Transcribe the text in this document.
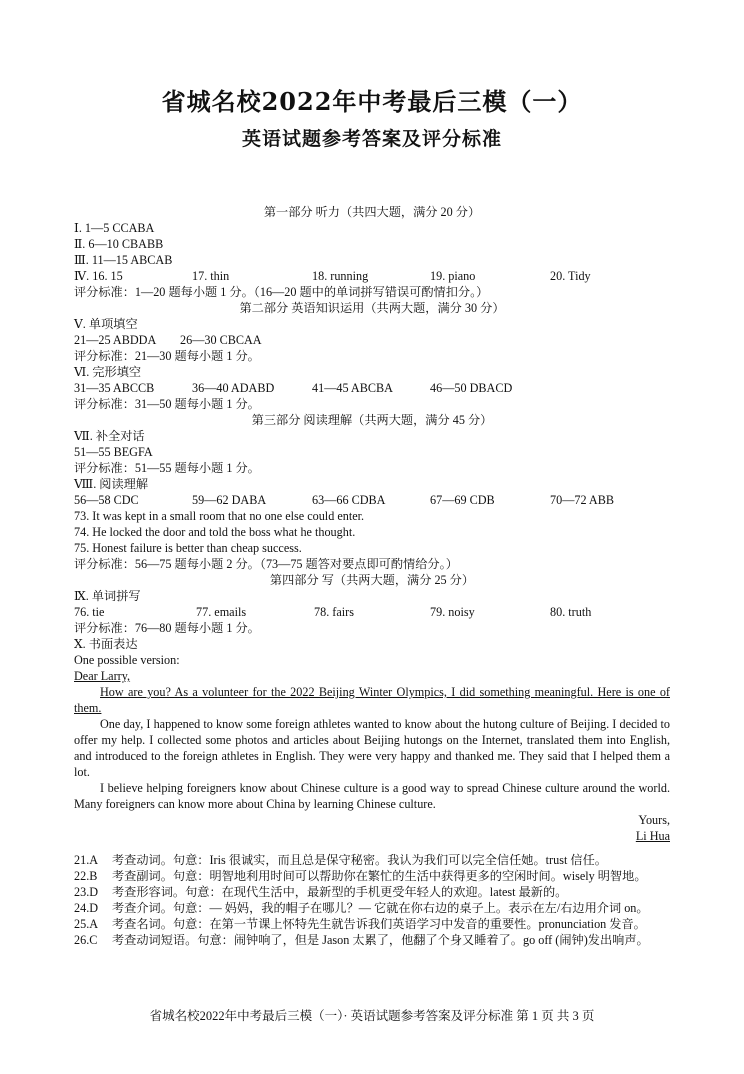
省城名校2022年中考最后三模（一）
英语试题参考答案及评分标准
第一部分 听力（共四大题，满分 20 分）
Ⅰ. 1—5 CCABA
Ⅱ. 6—10 CBABB
Ⅲ. 11—15 ABCAB
Ⅳ. 16. 15	17. thin	18. running	19. piano	20. Tidy
评分标准：1—20 题每小题 1 分。（16—20 题中的单词拼写错误可酌情扣分。）
第二部分 英语知识运用（共两大题，满分 30 分）
Ⅴ. 单项填空
21—25 ABDDA 26—30 CBCAA
评分标准：21—30 题每小题 1 分。
Ⅵ. 完形填空
31—35 ABCCB	36—40 ADABD	41—45 ABCBA	46—50 DBACD
评分标准：31—50 题每小题 1 分。
第三部分 阅读理解（共两大题，满分 45 分）
Ⅶ. 补全对话
51—55 BEGFA
评分标准：51—55 题每小题 1 分。
Ⅷ. 阅读理解
56—58 CDC	59—62 DABA	63—66 CDBA	67—69 CDB	70—72 ABB
73. It was kept in a small room that no one else could enter.
74. He locked the door and told the boss what he thought.
75. Honest failure is better than cheap success.
评分标准：56—75 题每小题 2 分。（73—75 题答对要点即可酌情给分。）
第四部分 写（共两大题，满分 25 分）
Ⅸ. 单词拼写
76. tie	77. emails	78. fairs	79. noisy	80. truth
评分标准：76—80 题每小题 1 分。
Ⅹ. 书面表达
One possible version:
Dear Larry,
How are you? As a volunteer for the 2022 Beijing Winter Olympics, I did something meaningful. Here is one of them.
One day, I happened to know some foreign athletes wanted to know about the hutong culture of Beijing. I decided to offer my help. I collected some photos and articles about Beijing hutongs on the Internet, translated them into English, and introduced to the foreign athletes in English. They were very happy and thanked me. They said that I helped them a lot.
I believe helping foreigners know about Chinese culture is a good way to spread Chinese culture around the world. Many foreigners can know more about China by learning Chinese culture.
Yours,
Li Hua
21.A 考查动词。句意：Iris 很诚实，而且总是保守秘密。我认为我们可以完全信任她。trust 信任。
22.B 考查副词。句意：明智地利用时间可以帮助你在繁忙的生活中获得更多的空闲时间。wisely 明智地。
23.D 考查形容词。句意：在现代生活中，最新型的手机更受年轻人的欢迎。latest 最新的。
24.D 考查介词。句意：— 妈妈，我的帽子在哪儿？— 它就在你右边的桌子上。表示在左/右边用介词 on。
25.A 考查名词。句意：在第一节课上怀特先生就告诉我们英语学习中发音的重要性。pronunciation 发音。
26.C 考查动词短语。句意：闹钟响了，但是 Jason 太累了，他翻了个身又睡着了。go off (闹钟)发出响声。
省城名校2022年中考最后三模（一）· 英语试题参考答案及评分标准 第 1 页 共 3 页
